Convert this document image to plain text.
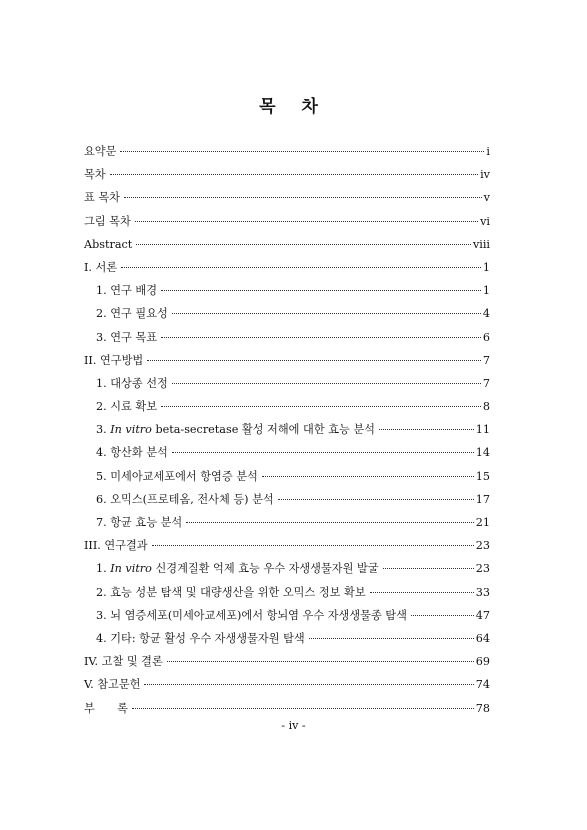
목 차
요약문	i
목차	iv
표 목차	v
그림 목차	vi
Abstract	viii
I. 서론	1
1. 연구 배경	1
2. 연구 필요성	4
3. 연구 목표	6
II. 연구방법	7
1. 대상종 선정	7
2. 시료 확보	8
3. In vitro beta-secretase 활성 저해에 대한 효능 분석	11
4. 항산화 분석	14
5. 미세아교세포에서 항염증 분석	15
6. 오믹스(프로테옴, 전사체 등) 분석	17
7. 항균 효능 분석	21
III. 연구결과	23
1. In vitro 신경계질환 억제 효능 우수 자생생물자원 발굴	23
2. 효능 성분 탐색 및 대량생산을 위한 오믹스 정보 확보	33
3. 뇌 염증세포(미세아교세포)에서 항뇌염 우수 자생생물종 탐색	47
4. 기타: 항균 활성 우수 자생생물자원 탐색	64
IV. 고찰 및 결론	69
V. 참고문헌	74
부　　록	78
- iv -
